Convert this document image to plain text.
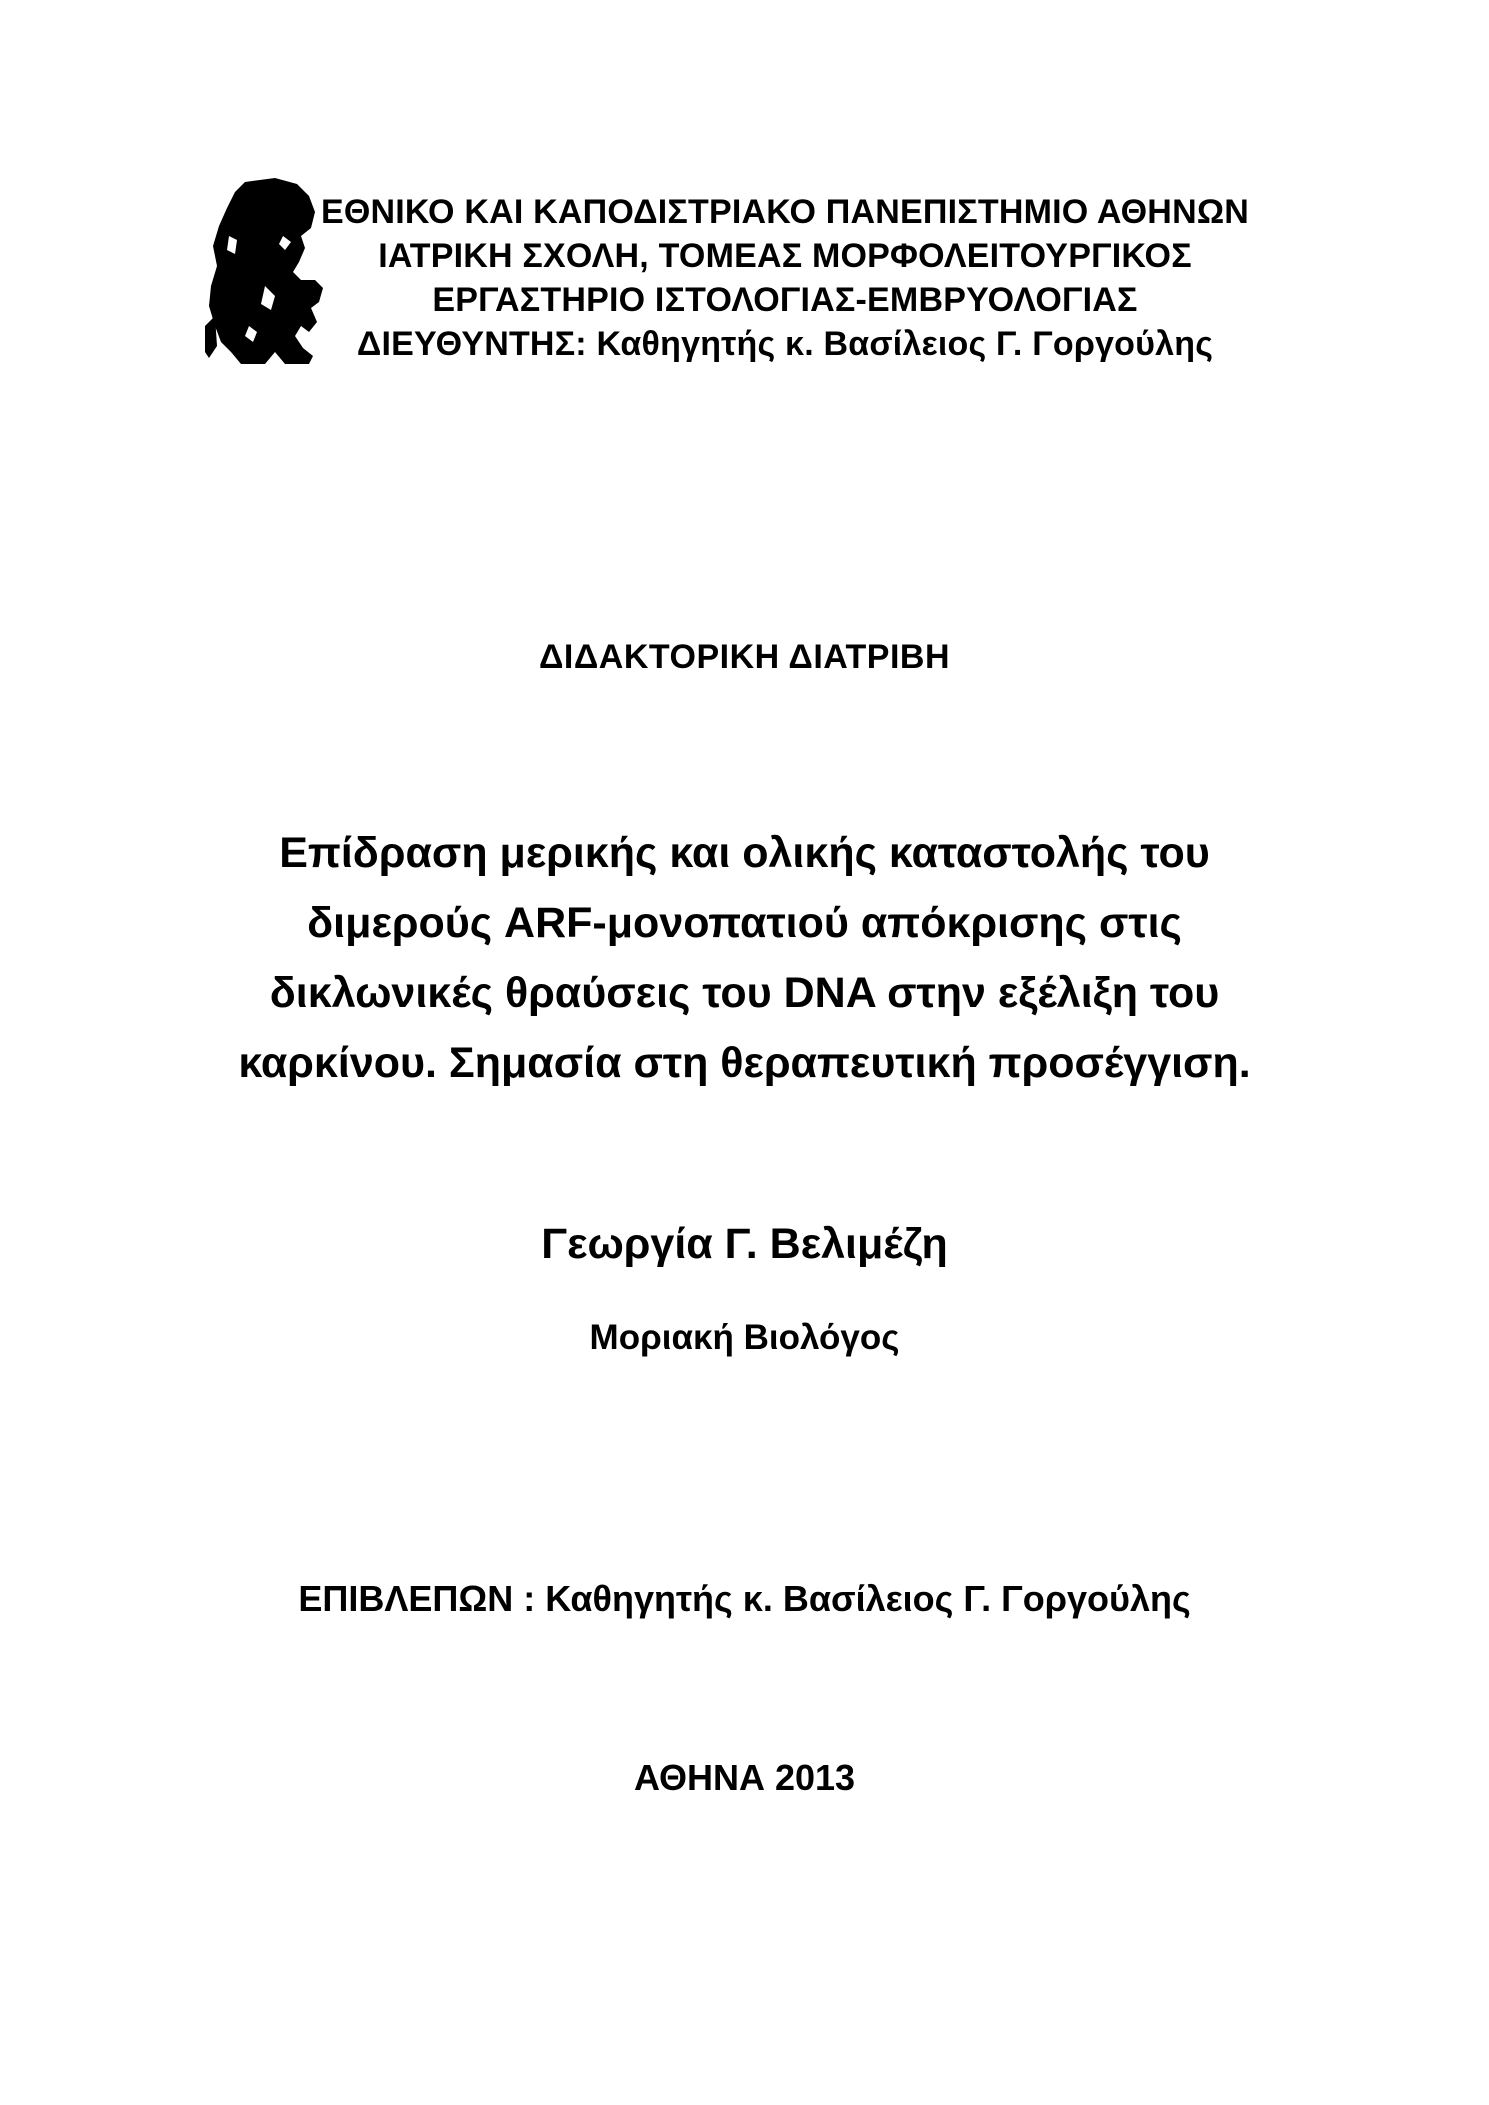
ΕΘΝΙΚΟ ΚΑΙ ΚΑΠΟΔΙΣΤΡΙΑΚΟ ΠΑΝΕΠΙΣΤΗΜΙΟ ΑΘΗΝΩΝ
ΙΑΤΡΙΚΗ ΣΧΟΛΗ, ΤΟΜΕΑΣ ΜΟΡΦΟΛΕΙΤΟΥΡΓΙΚΟΣ
ΕΡΓΑΣΤΗΡΙΟ ΙΣΤΟΛΟΓΙΑΣ-ΕΜΒΡΥΟΛΟΓΙΑΣ
ΔΙΕΥΘΥΝΤΗΣ: Καθηγητής κ. Βασίλειος Γ. Γοργούλης
ΔΙΔΑΚΤΟΡΙΚΗ ΔΙΑΤΡΙΒΗ
Επίδραση μερικής και ολικής καταστολής του
διμερούς ARF-μονοπατιού απόκρισης στις
δικλωνικές θραύσεις του DNA στην εξέλιξη του
καρκίνου. Σημασία στη θεραπευτική προσέγγιση.
Γεωργία Γ. Βελιμέζη
Μοριακή Βιολόγος
ΕΠΙΒΛΕΠΩΝ : Καθηγητής κ. Βασίλειος Γ. Γοργούλης
ΑΘΗΝΑ 2013
